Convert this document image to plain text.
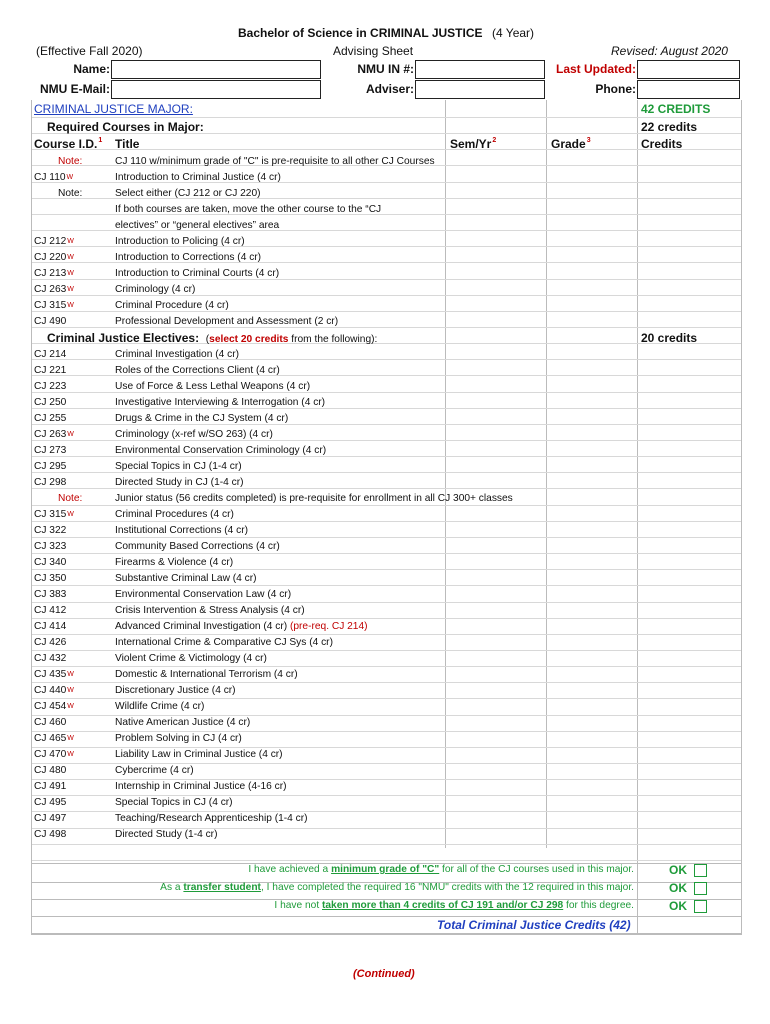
Bachelor of Science in CRIMINAL JUSTICE (4 Year)
(Effective Fall 2020)	Advising Sheet	Revised: August 2020
Name:	NMU IN #:	Last Updated:
NMU E-Mail:	Adviser:	Phone:
CRIMINAL JUSTICE MAJOR:	42 CREDITS
Required Courses in Major:	22 credits
Course I.D.$^1$ Title	Sem/Yr$^2$	Grade$^3$	Credits
Note:	CJ 110 w/minimum grade of "C" is pre-requisite to all other CJ Courses
CJ $110^W$	Introduction to Criminal Justice (4 cr)
Note:	Select either (CJ 212 or CJ 220)
If both courses are taken, move the other course to the “CJ
electives” or “general electives” area
CJ $212^W$	Introduction to Policing (4 cr)
CJ $220^W$	Introduction to Corrections (4 cr)
CJ $213^W$	Introduction to Criminal Courts (4 cr)
CJ $263^W$	Criminology (4 cr)
CJ $315^W$	Criminal Procedure (4 cr)
CJ 490	Professional Development and Assessment (2 cr)
Criminal Justice Electives: (select 20 credits from the following):	20 credits
CJ 214	Criminal Investigation (4 cr)
CJ 221	Roles of the Corrections Client (4 cr)
CJ 223	Use of Force & Less Lethal Weapons (4 cr)
CJ 250	Investigative Interviewing & Interrogation (4 cr)
CJ 255	Drugs & Crime in the CJ System (4 cr)
CJ $263^W$	Criminology (x-ref w/SO 263) (4 cr)
CJ 273	Environmental Conservation Criminology (4 cr)
CJ 295	Special Topics in CJ (1-4 cr)
CJ 298	Directed Study in CJ (1-4 cr)
Note:	Junior status (56 credits completed) is pre-requisite for enrollment in all CJ 300+ classes
CJ $315^W$	Criminal Procedures (4 cr)
CJ 322	Institutional Corrections (4 cr)
CJ 323	Community Based Corrections (4 cr)
CJ 340	Firearms & Violence (4 cr)
CJ 350	Substantive Criminal Law (4 cr)
CJ 383	Environmental Conservation Law (4 cr)
CJ 412	Crisis Intervention & Stress Analysis (4 cr)
CJ 414	Advanced Criminal Investigation (4 cr) (pre-req. CJ 214)
CJ 426	International Crime & Comparative CJ Sys (4 cr)
CJ 432	Violent Crime & Victimology (4 cr)
CJ $435^W$	Domestic & International Terrorism (4 cr)
CJ $440^W$	Discretionary Justice (4 cr)
CJ $454^W$	Wildlife Crime (4 cr)
CJ 460	Native American Justice (4 cr)
CJ $465^W$	Problem Solving in CJ (4 cr)
CJ $470^W$	Liability Law in Criminal Justice (4 cr)
CJ 480	Cybercrime (4 cr)
CJ 491	Internship in Criminal Justice (4-16 cr)
CJ 495	Special Topics in CJ (4 cr)
CJ 497	Teaching/Research Apprenticeship (1-4 cr)
CJ 498	Directed Study (1-4 cr)
I have achieved a minimum grade of "C" for all of the CJ courses used in this major.	OK
As a transfer student, I have completed the required 16 "NMU" credits with the 12 required in this major.	OK
I have not taken more than 4 credits of CJ 191 and/or CJ 298 for this degree.	OK
Total Criminal Justice Credits (42)
(Continued)
